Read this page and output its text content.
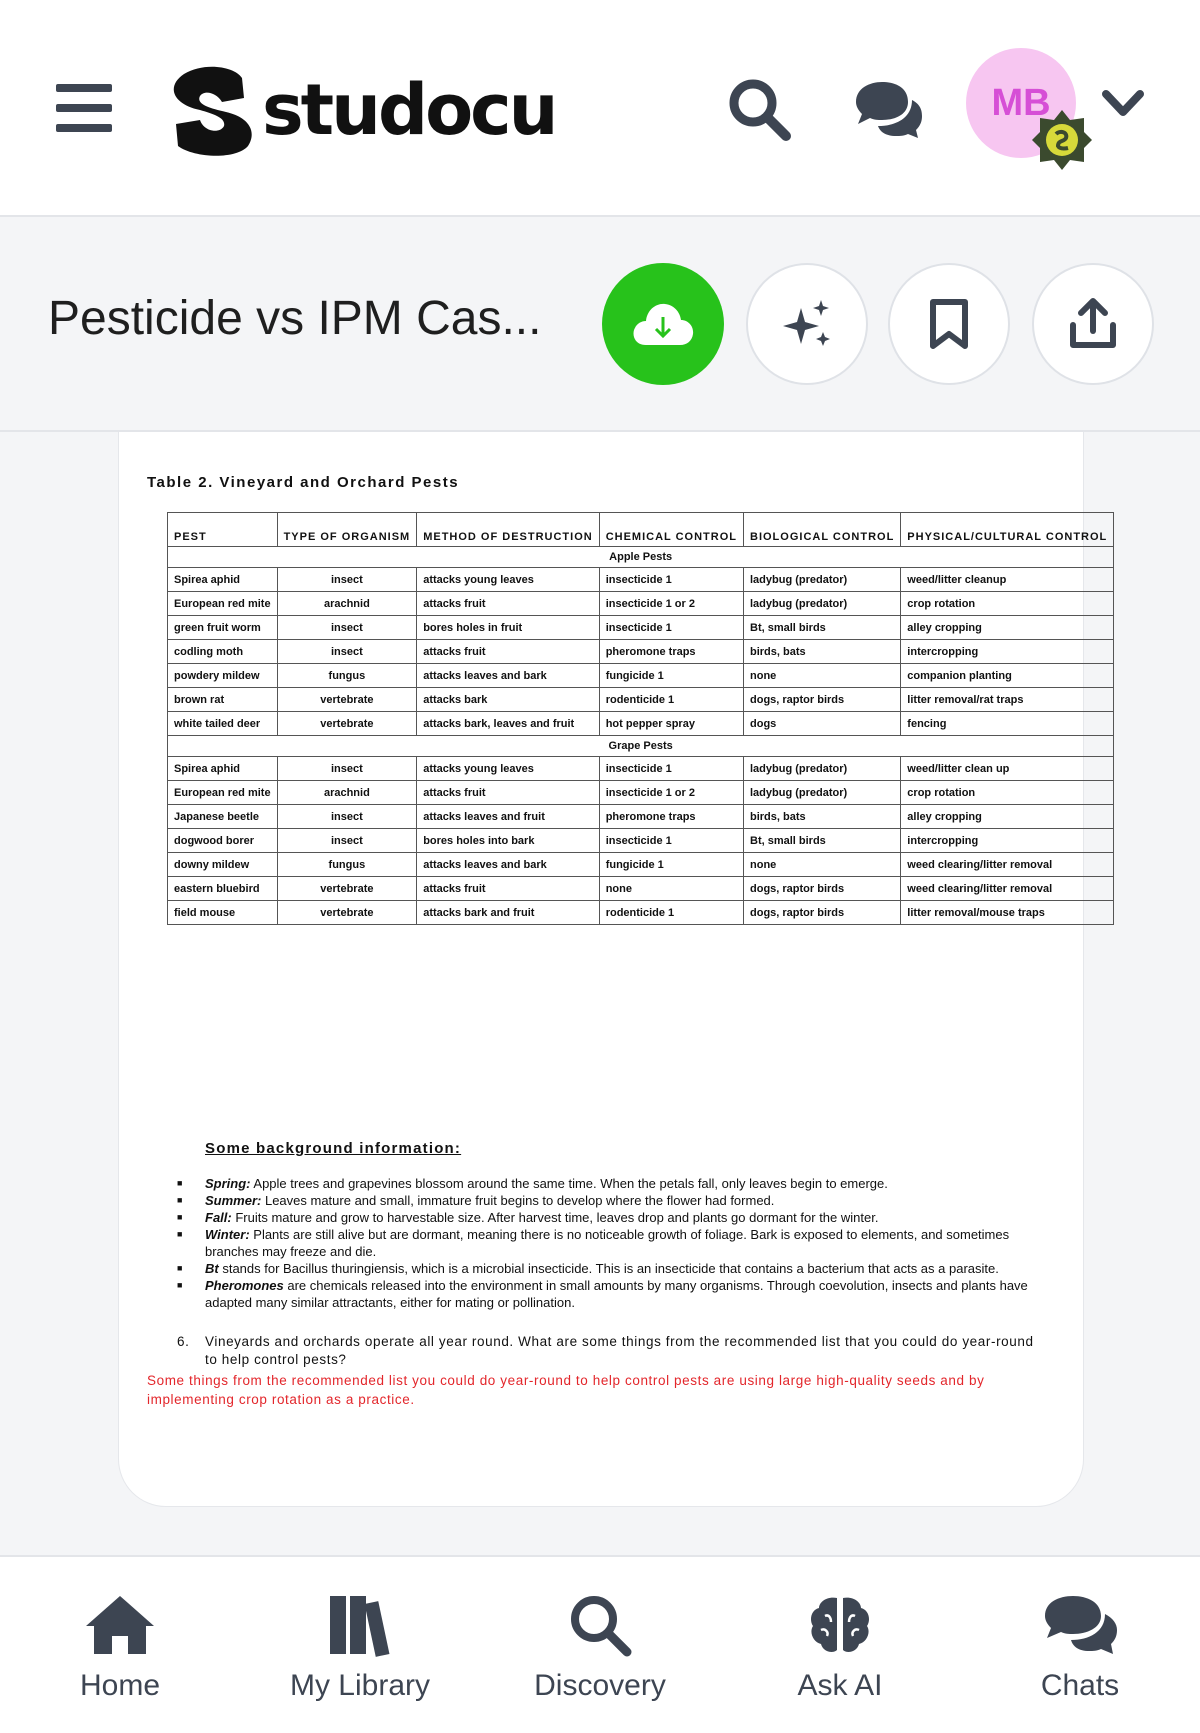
studocu	MB
Pesticide vs IPM Cas...
Table 2. Vineyard and Orchard Pests
PEST	TYPE OF ORGANISM	METHOD OF DESTRUCTION	CHEMICAL CONTROL	BIOLOGICAL CONTROL	PHYSICAL/CULTURAL CONTROL
Apple Pests					
Spirea aphid	insect	attacks young leaves	insecticide 1	ladybug (predator)	weed/litter cleanup
European red mite	arachnid	attacks fruit	insecticide 1 or 2	ladybug (predator)	crop rotation
green fruit worm	insect	bores holes in fruit	insecticide 1	Bt, small birds	alley cropping
codling moth	insect	attacks fruit	pheromone traps	birds, bats	intercropping
powdery mildew	fungus	attacks leaves and bark	fungicide 1	none	companion planting
brown rat	vertebrate	attacks bark	rodenticide 1	dogs, raptor birds	litter removal/rat traps
white tailed deer	vertebrate	attacks bark, leaves and fruit	hot pepper spray	dogs	fencing
Grape Pests					
Spirea aphid	insect	attacks young leaves	insecticide 1	ladybug (predator)	weed/litter clean up
European red mite	arachnid	attacks fruit	insecticide 1 or 2	ladybug (predator)	crop rotation
Japanese beetle	insect	attacks leaves and fruit	pheromone traps	birds, bats	alley cropping
dogwood borer	insect	bores holes into bark	insecticide 1	Bt, small birds	intercropping
downy mildew	fungus	attacks leaves and bark	fungicide 1	none	weed clearing/litter removal
eastern bluebird	vertebrate	attacks fruit	none	dogs, raptor birds	weed clearing/litter removal
field mouse	vertebrate	attacks bark and fruit	rodenticide 1	dogs, raptor birds	litter removal/mouse traps
Some background information:
■ Spring: Apple trees and grapevines blossom around the same time. When the petals fall, only leaves begin to emerge.
■ Summer: Leaves mature and small, immature fruit begins to develop where the flower had formed.
■ Fall: Fruits mature and grow to harvestable size. After harvest time, leaves drop and plants go dormant for the winter.
■ Winter: Plants are still alive but are dormant, meaning there is no noticeable growth of foliage. Bark is exposed to elements, and sometimes branches may freeze and die.
■ Bt stands for Bacillus thuringiensis, which is a microbial insecticide. This is an insecticide that contains a bacterium that acts as a parasite.
■ Pheromones are chemicals released into the environment in small amounts by many organisms. Through coevolution, insects and plants have adapted many similar attractants, either for mating or pollination.
6.	Vineyards and orchards operate all year round. What are some things from the recommended list that you could do year-round to help control pests?
Some things from the recommended list you could do year-round to help control pests are using large high-quality seeds and by implementing crop rotation as a practice.
Home	My Library	Discovery	Ask AI	Chats
